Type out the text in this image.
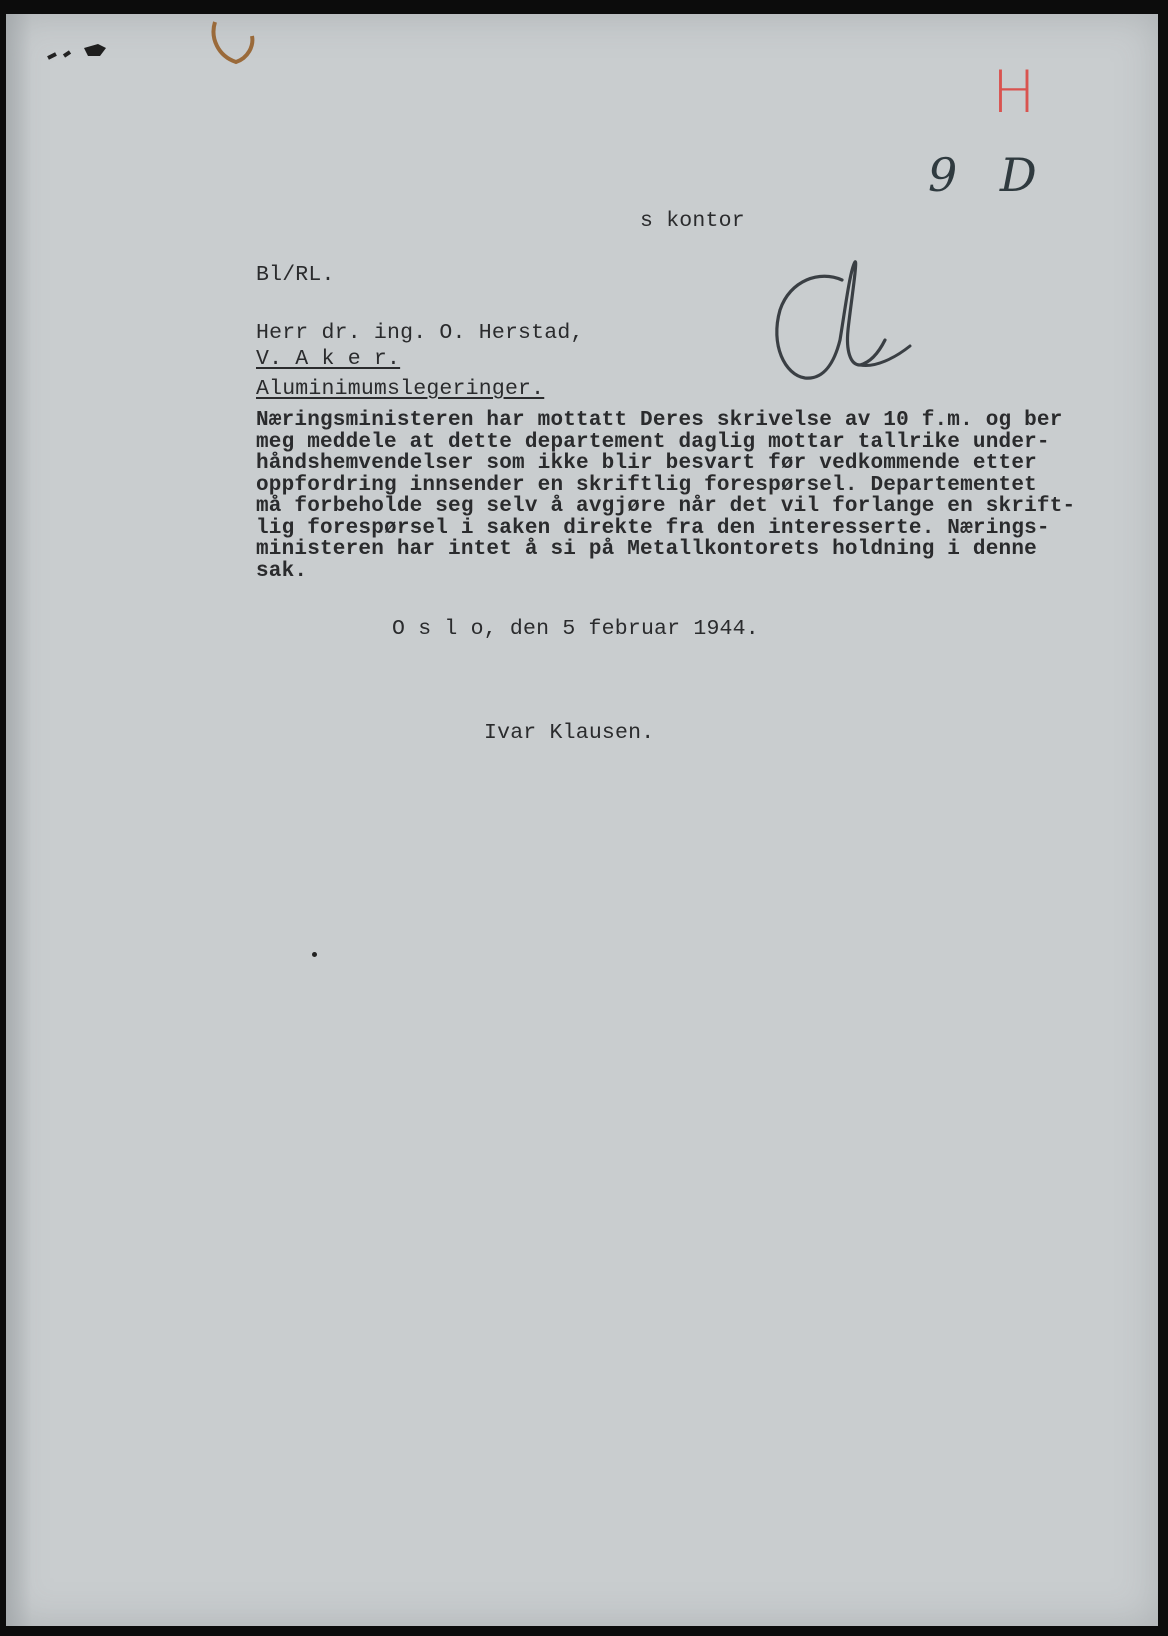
H
9 D
s kontor
Bl/RL.
Herr dr. ing. O. Herstad,
V. A k e r.
Aluminimumslegeringer.
Næringsministeren har mottatt Deres skrivelse av 10 f.m. og ber
meg meddele at dette departement daglig mottar tallrike under-
håndshemvendelser som ikke blir besvart før vedkommende etter
oppfordring innsender en skriftlig forespørsel. Departementet
må forbeholde seg selv å avgjøre når det vil forlange en skrift-
lig forespørsel i saken direkte fra den interesserte. Nærings-
ministeren har intet å si på Metallkontorets holdning i denne
sak.
O s l o, den 5 februar 1944.
Ivar Klausen.
